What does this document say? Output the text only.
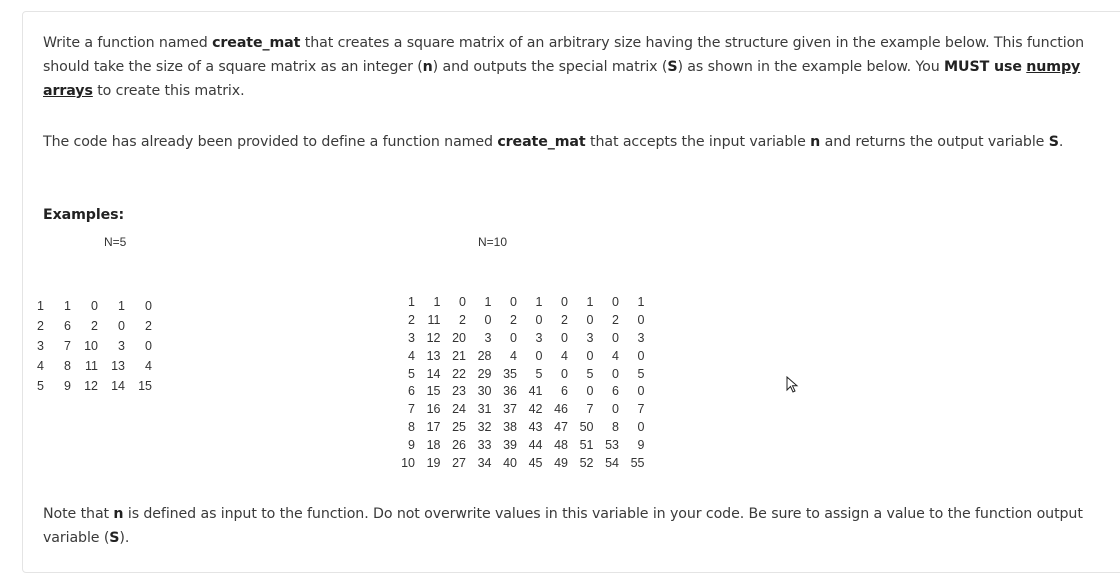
Write a function named create_mat that creates a square matrix of an arbitrary size having the structure given in the example below. This function should take the size of a square matrix as an integer (n) and outputs the special matrix (S) as shown in the example below. You MUST use numpy arrays to create this matrix.
The code has already been provided to define a function named create_mat that accepts the input variable n and returns the output variable S.
Examples:
N=5	N=10
1	1	0	1	0
2	6	2	0	2
3	7	10	3	0
4	8	11	13	4
5	9	12	14	15
1	1	0	1	0	1	0	1	0	1
2	11	2	0	2	0	2	0	2	0
3	12	20	3	0	3	0	3	0	3
4	13	21	28	4	0	4	0	4	0
5	14	22	29	35	5	0	5	0	5
6	15	23	30	36	41	6	0	6	0
7	16	24	31	37	42	46	7	0	7
8	17	25	32	38	43	47	50	8	0
9	18	26	33	39	44	48	51	53	9
10	19	27	34	40	45	49	52	54	55
Note that n is defined as input to the function. Do not overwrite values in this variable in your code. Be sure to assign a value to the function output variable (S).
